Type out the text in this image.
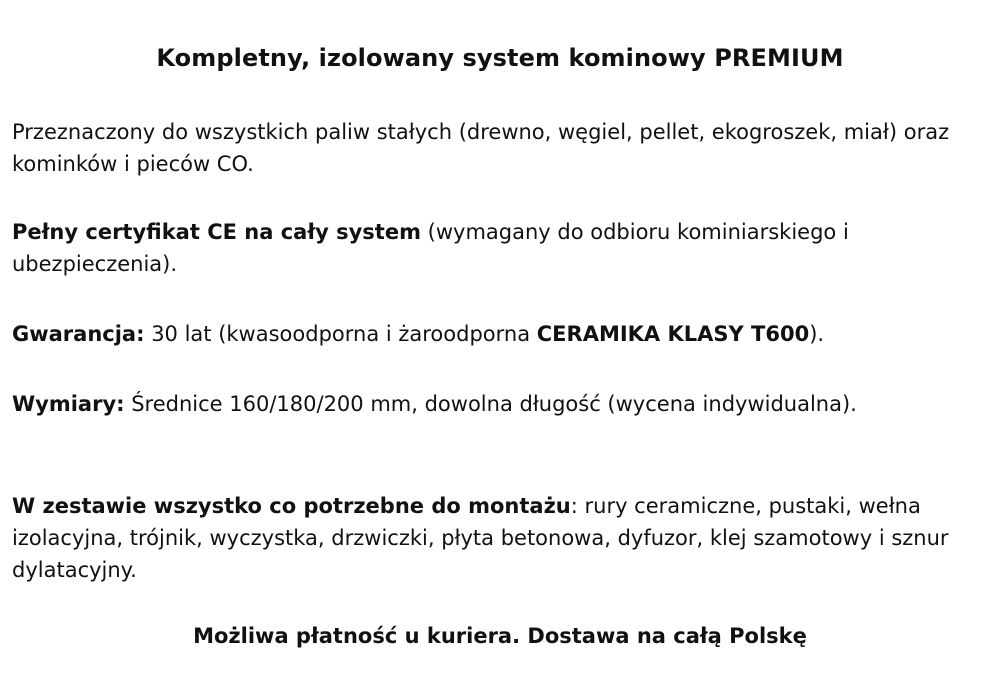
Kompletny, izolowany system kominowy PREMIUM
Przeznaczony do wszystkich paliw stałych (drewno, węgiel, pellet, ekogroszek, miał) oraz kominków i pieców CO.
Pełny certyfikat CE na cały system (wymagany do odbioru kominiarskiego i ubezpieczenia).
Gwarancja: 30 lat (kwasoodporna i żaroodporna CERAMIKA KLASY T600).
Wymiary: Średnice 160/180/200 mm, dowolna długość (wycena indywidualna).
W zestawie wszystko co potrzebne do montażu: rury ceramiczne, pustaki, wełna izolacyjna, trójnik, wyczystka, drzwiczki, płyta betonowa, dyfuzor, klej szamotowy i sznur dylatacyjny.
Możliwa płatność u kuriera. Dostawa na całą Polskę
